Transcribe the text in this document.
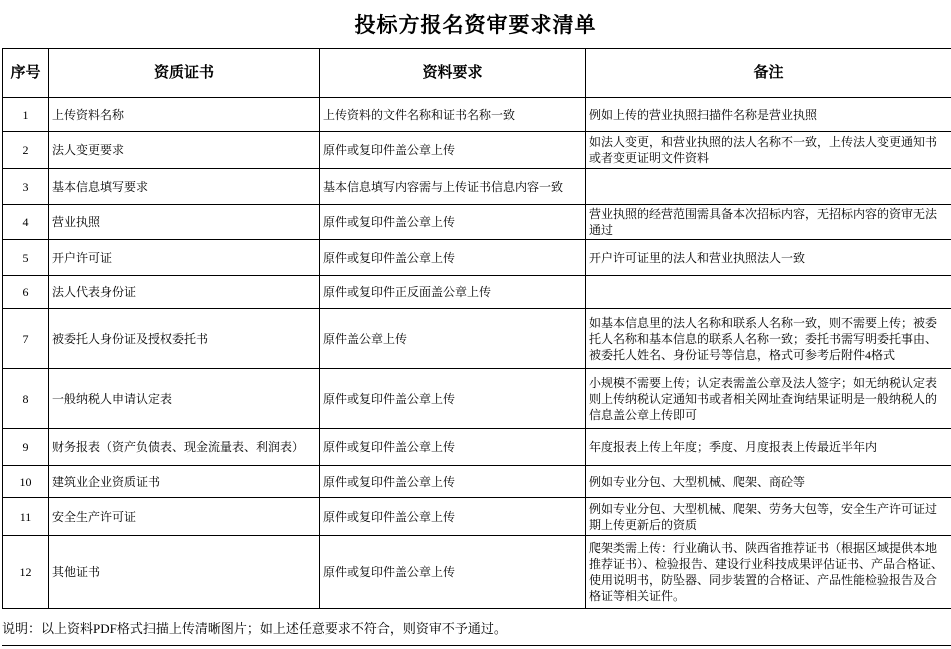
投标方报名资审要求清单
序号	资质证书	资料要求	备注
1	上传资料名称	上传资料的文件名称和证书名称一致	例如上传的营业执照扫描件名称是营业执照
2	法人变更要求	原件或复印件盖公章上传	如法人变更，和营业执照的法人名称不一致，上传法人变更通知书或者变更证明文件资料
3	基本信息填写要求	基本信息填写内容需与上传证书信息内容一致	
4	营业执照	原件或复印件盖公章上传	营业执照的经营范围需具备本次招标内容，无招标内容的资审无法通过
5	开户许可证	原件或复印件盖公章上传	开户许可证里的法人和营业执照法人一致
6	法人代表身份证	原件或复印件正反面盖公章上传	
7	被委托人身份证及授权委托书	原件盖公章上传	如基本信息里的法人名称和联系人名称一致，则不需要上传；被委托人名称和基本信息的联系人名称一致；委托书需写明委托事由、被委托人姓名、身份证号等信息，格式可参考后附件4格式

8	一般纳税人申请认定表	原件或复印件盖公章上传	小规模不需要上传；认定表需盖公章及法人签字；如无纳税认定表则上传纳税认定通知书或者相关网址查询结果证明是一般纳税人的信息盖公章上传即可
9	财务报表（资产负债表、现金流量表、利润表）	原件或复印件盖公章上传	年度报表上传上年度；季度、月度报表上传最近半年内
10	建筑业企业资质证书	原件或复印件盖公章上传	例如专业分包、大型机械、爬架、商砼等
11	安全生产许可证	原件或复印件盖公章上传	例如专业分包、大型机械、爬架、劳务大包等，安全生产许可证过期上传更新后的资质
12	其他证书	原件或复印件盖公章上传	爬架类需上传：行业确认书、陕西省推荐证书（根据区域提供本地推荐证书）、检验报告、建设行业科技成果评估证书、产品合格证、使用说明书，防坠器、同步装置的合格证、产品性能检验报告及合格证等相关证件。
说明：以上资料PDF格式扫描上传清晰图片；如上述任意要求不符合，则资审不予通过。
